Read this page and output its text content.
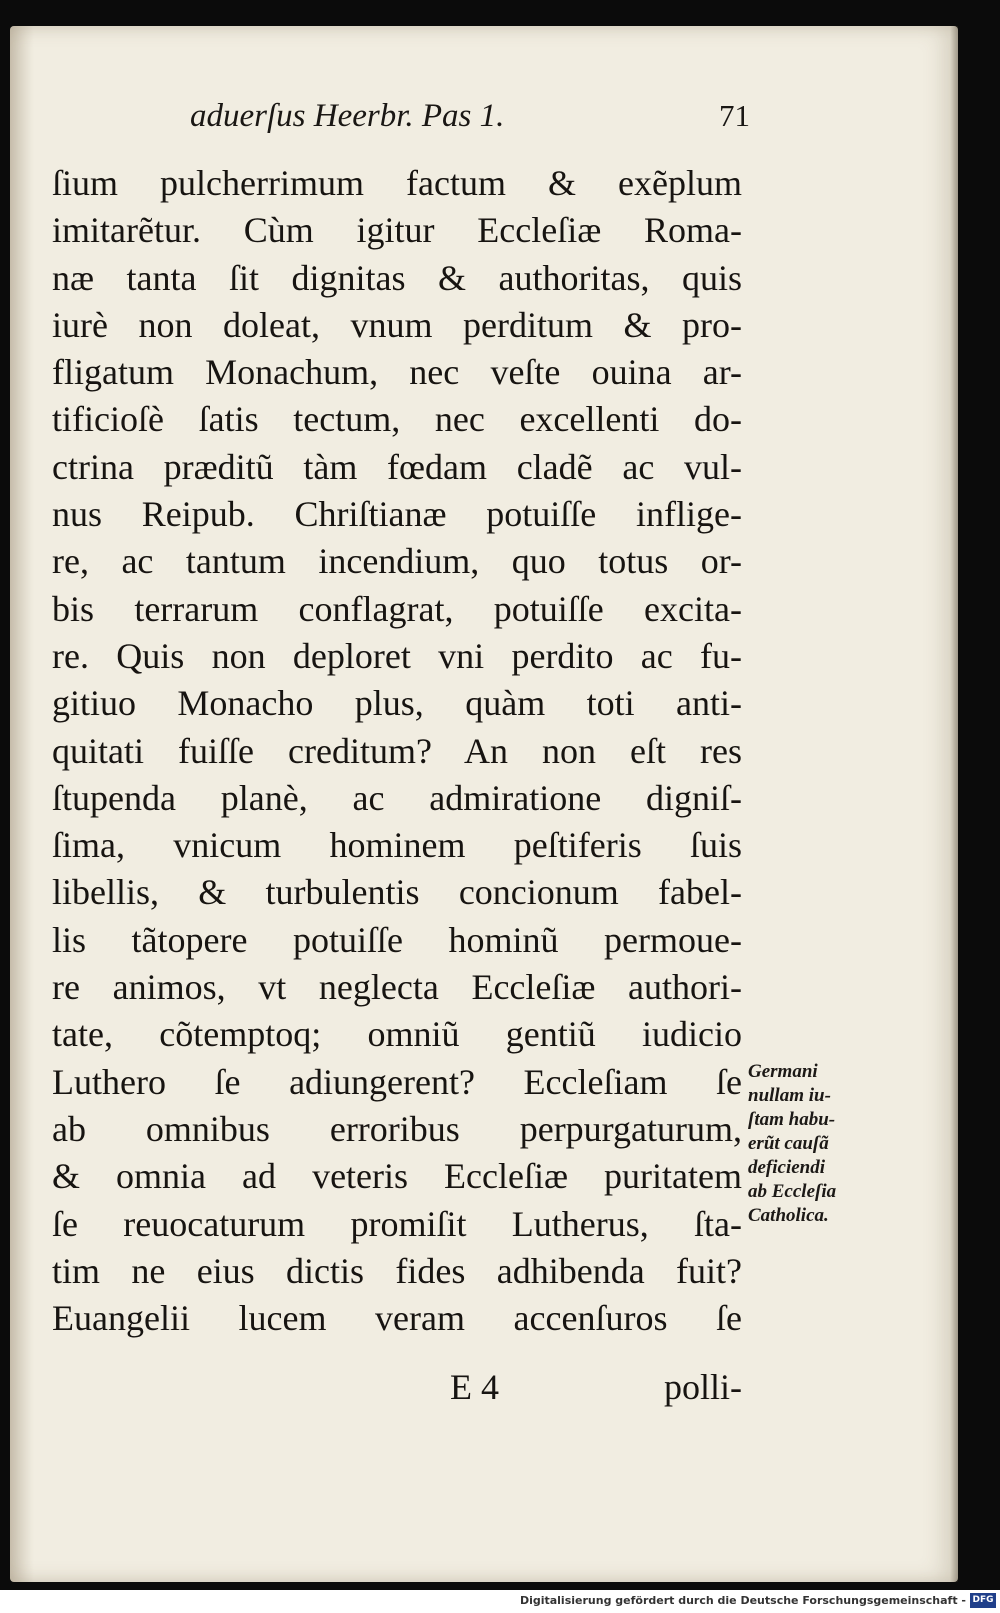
aduerſus Heerbr. Pas 1.	71
ſium pulcherrimum factum & exẽplum
imitarẽtur. Cùm igitur Eccleſiæ Roma-
næ tanta ſit dignitas & authoritas, quis
iurè non doleat, vnum perditum & pro-
fligatum Monachum, nec veſte ouina ar-
tificioſè ſatis tectum, nec excellenti do-
ctrina præditũ tàm fœdam cladẽ ac vul-
nus Reipub. Chriſtianæ potuiſſe inflige-
re, ac tantum incendium, quo totus or-
bis terrarum conflagrat, potuiſſe excita-
re. Quis non deploret vni perdito ac fu-
gitiuo Monacho plus, quàm toti anti-
quitati fuiſſe creditum? An non eſt res
ſtupenda planè, ac admiratione digniſ-
ſima, vnicum hominem peſtiferis ſuis
libellis, & turbulentis concionum fabel-
lis tãtopere potuiſſe hominũ permoue-
re animos, vt neglecta Eccleſiæ authori-
tate, cõtemptoq; omniũ gentiũ iudicio
Luthero ſe adiungerent? Eccleſiam ſe
ab omnibus erroribus perpurgaturum,
& omnia ad veteris Eccleſiæ puritatem
ſe reuocaturum promiſit Lutherus, ſta-
tim ne eius dictis fides adhibenda fuit?
Euangelii lucem veram accenſuros ſe
Germani
nullam iu-
ſtam habu-
erũt cauſã
deficiendi
ab Eccleſia
Catholica.
E 4	polli-
Digitalisierung gefördert durch die Deutsche Forschungsgemeinschaft - DFG
